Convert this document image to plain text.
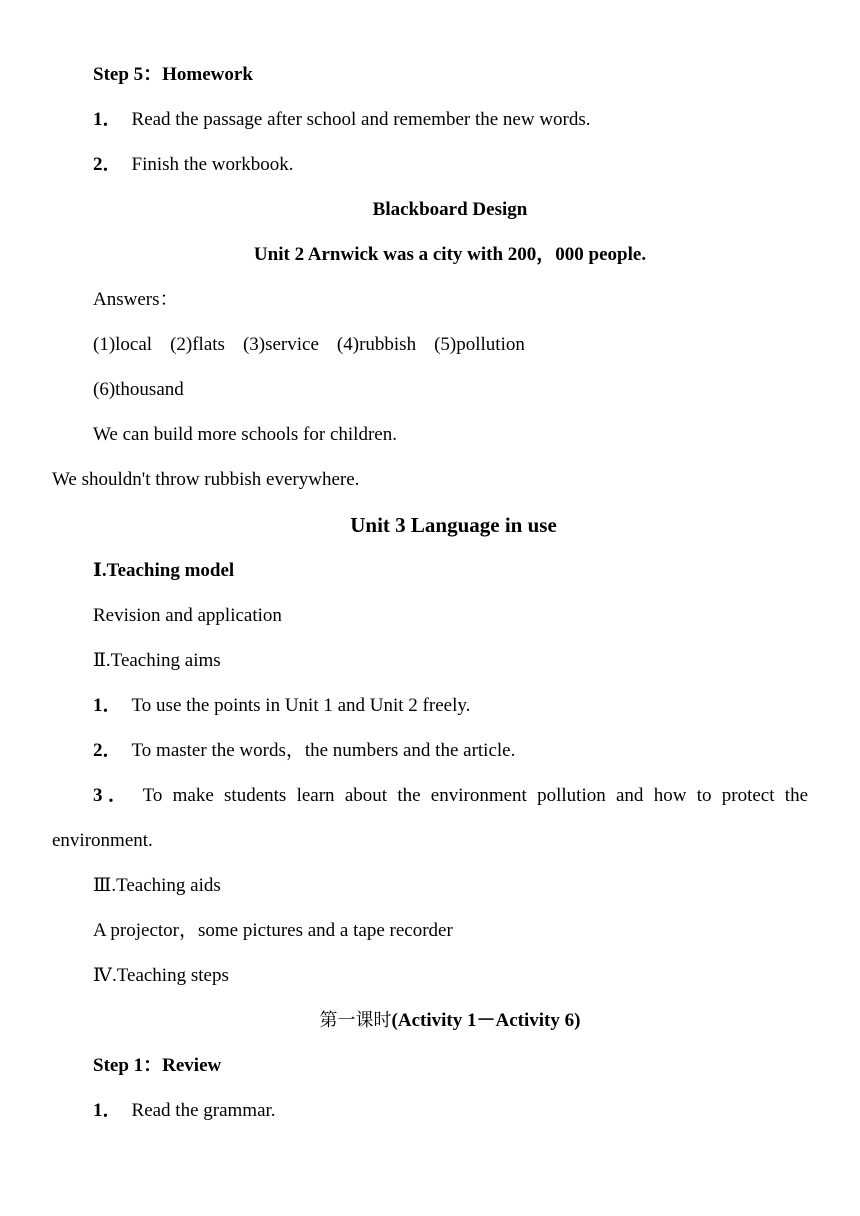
Step 5：Homework
1． Read the passage after school and remember the new words.
2． Finish the workbook.
Blackboard Design
Unit 2 Arnwick was a city with 200，000 people.
Answers：
(1)local (2)flats (3)service (4)rubbish (5)pollution
(6)thousand
We can build more schools for children.
We shouldn't throw rubbish everywhere.
Unit 3 Language in use
Ⅰ.Teaching model
Revision and application
Ⅱ.Teaching aims
1． To use the points in Unit 1 and Unit 2 freely.
2． To master the words，the numbers and the article.
3． To make students learn about the environment pollution and how to protect the
environment.
Ⅲ.Teaching aids
A projector，some pictures and a tape recorder
Ⅳ.Teaching steps
第一课时(Activity 1－Activity 6)
Step 1：Review
1． Read the grammar.
